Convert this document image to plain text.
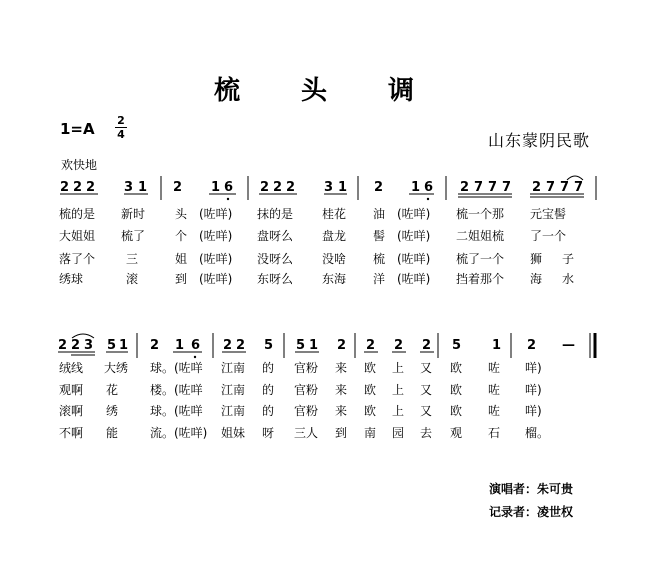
梳 头 调
1=A 2
4	山东蒙阴民歌
欢快地
2 2 2 3 1 2 1 6 2 2 2 3 1 2 1 6 2 7 7 7 2 7 7 7
梳的是 新时 头 (咗咩) 抹的是 桂花 油 (咗咩) 梳一个那 元宝髻
大姐姐 梳了 个 (咗咩) 盘呀么 盘龙 髻 (咗咩) 二姐姐梳 了一个
落了个	三	姐 (咗咩) 没呀么 没啥 梳 (咗咩) 梳了一个 狮 子
绣球	滚	到 (咗咩) 东呀么 东海 洋 (咗咩) 挡着那个 海 水
2 2 3 5 1 2 1 6 2 2 5 5 1 2 2 2 2 5 1 2 —
绒线 大绣 球。(咗咩 江南 的 官粉 来 欧 上 又 欧 咗 咩)
观啊 花	楼。(咗咩 江南 的 官粉 来 欧 上 又 欧 咗 咩)
滚啊 绣	球。(咗咩 江南 的 官粉 来 欧 上 又 欧 咗 咩)
不啊 能	流。(咗咩) 姐妹 呀 三人 到 南 园 去 观 石 榴。
演唱者：朱可贵
记录者：凌世权
